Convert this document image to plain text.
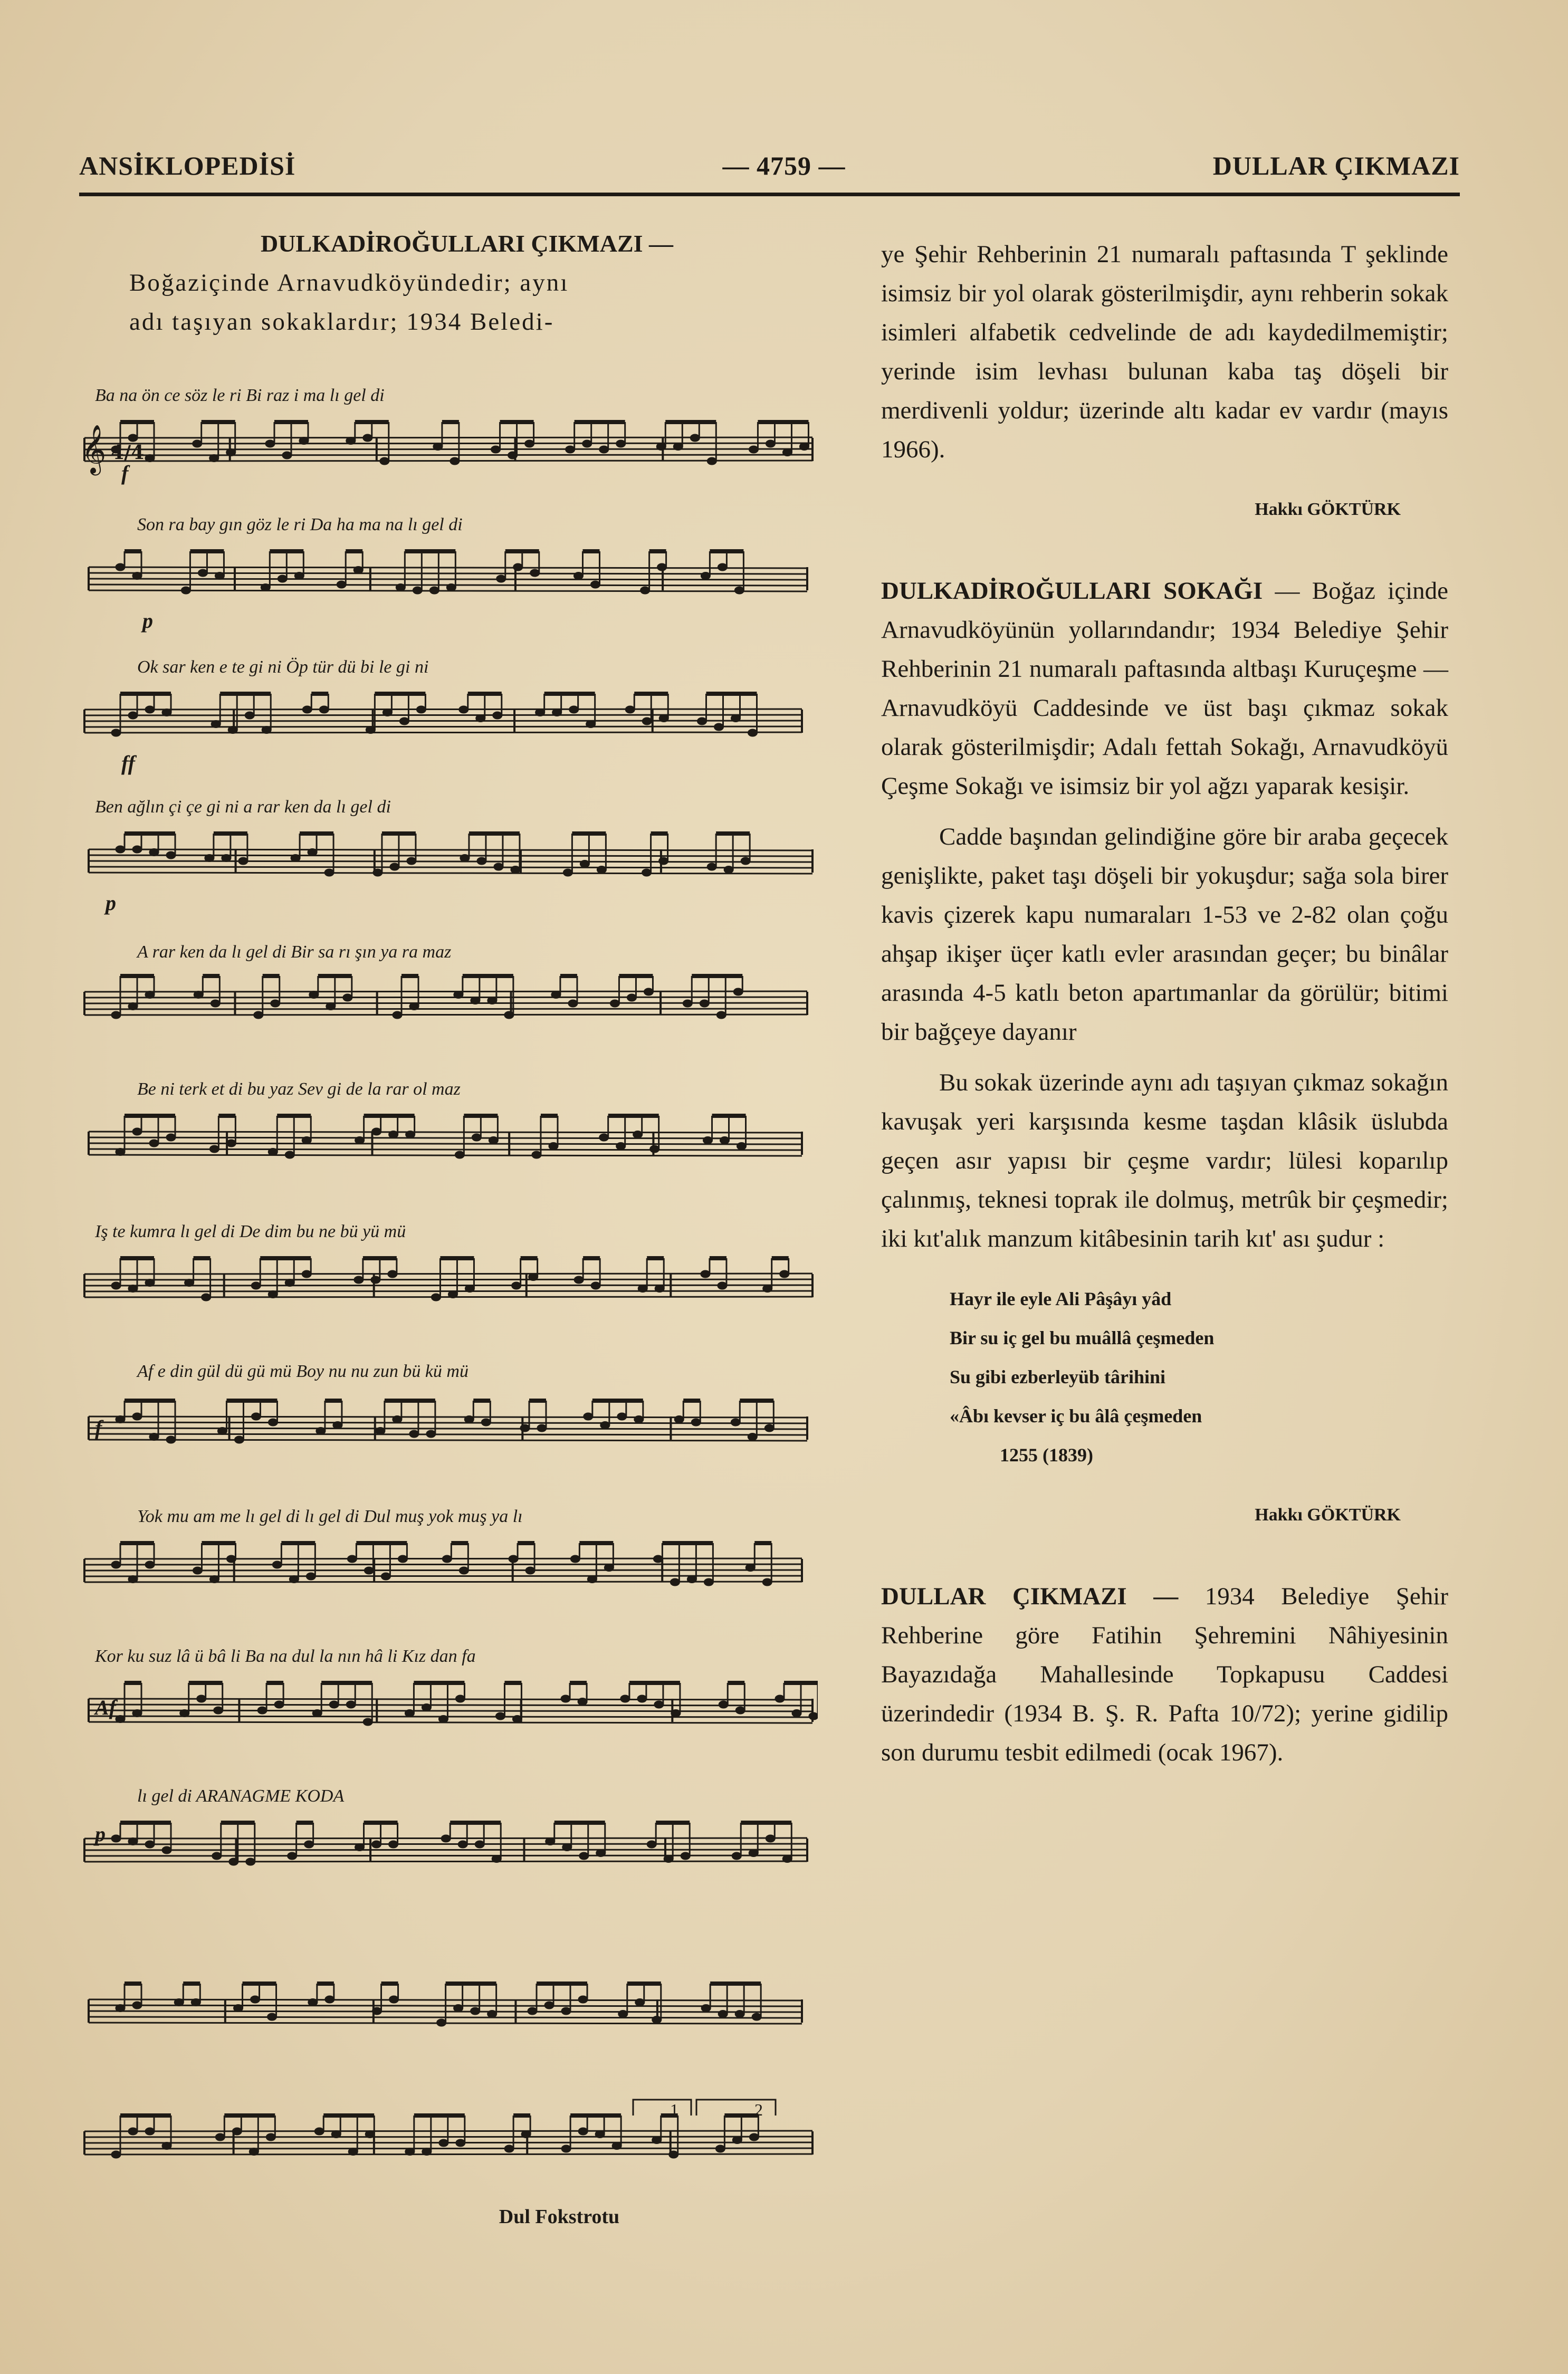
ANSİKLOPEDİSİ	— 4759 —	DULLAR ÇIKMAZI

DULKADİROĞULLARI ÇIKMAZI —

Boğaziçinde Arnavudköyündedir; aynı

adı taşıyan sokaklardır; 1934 Beledi-

𝄞 4/4
1	2
Ba na ön ce söz le ri Bi raz i ma lı gel di
Son ra bay gın göz le ri Da ha ma na lı gel di
Ok sar ken e te gi ni Öp tür dü bi le gi ni
Ben ağlın çi çe gi ni a rar ken da lı gel di
A rar ken da lı gel di Bir sa rı şın ya ra maz
Be ni terk et di bu yaz Sev gi de la rar ol maz
Iş te kumra lı gel di De dim bu ne bü yü mü
Af e din gül dü gü mü Boy nu nu zun bü kü mü
Yok mu am me lı gel di lı gel di Dul muş yok muş ya lı
Kor ku suz lâ ü bâ li Ba na dul la nın hâ li Kız dan fa
lı gel di ARANAGME KODA
f
p
ff
p
f
p
Af
Dul Fokstrotu

ye Şehir Rehberinin 21 numaralı paftasında T şeklinde isimsiz bir yol olarak gösterilmişdir, aynı rehberin sokak isimleri alfabetik cedvelinde de adı kaydedilmemiştir; yerinde isim levhası bulunan kaba taş döşeli bir merdivenli yoldur; üzerinde altı kadar ev vardır (mayıs 1966).

Hakkı GÖKTÜRK

DULKADİROĞULLARI SOKAĞI — Boğaz içinde Arnavudköyünün yollarındandır; 1934 Belediye Şehir Rehberinin 21 numaralı paftasında altbaşı Kuruçeşme — Arnavudköyü Caddesinde ve üst başı çıkmaz sokak olarak gösterilmişdir; Adalı fettah Sokağı, Arnavudköyü Çeşme Sokağı ve isimsiz bir yol ağzı yaparak kesişir.

Cadde başından gelindiğine göre bir araba geçecek genişlikte, paket taşı döşeli bir yokuşdur; sağa sola birer kavis çizerek kapu numaraları 1-53 ve 2-82 olan çoğu ahşap ikişer üçer katlı evler arasından geçer; bu binâlar arasında 4-5 katlı beton apartımanlar da görülür; bitimi bir bağçeye dayanır

Bu sokak üzerinde aynı adı taşıyan çıkmaz sokağın kavuşak yeri karşısında kesme taşdan klâsik üslubda geçen asır yapısı bir çeşme vardır; lülesi koparılıp çalınmış, teknesi toprak ile dolmuş, metrûk bir çeşmedir; iki kıt'alık manzum kitâbesinin tarih kıt' ası şudur :

Hayr ile eyle Ali Pâşâyı yâd
Bir su iç gel bu muâllâ çeşmeden
Su gibi ezberleyüb târihini
«Âbı kevser iç bu âlâ çeşmeden
1255 (1839)

Hakkı GÖKTÜRK

DULLAR ÇIKMAZI — 1934 Belediye Şehir Rehberine göre Fatihin Şehremini Nâhiyesinin Bayazıdağa Mahallesinde Topkapusu Caddesi üzerindedir (1934 B. Ş. R. Pafta 10/72); yerine gidilip son durumu tesbit edilmedi (ocak 1967).
